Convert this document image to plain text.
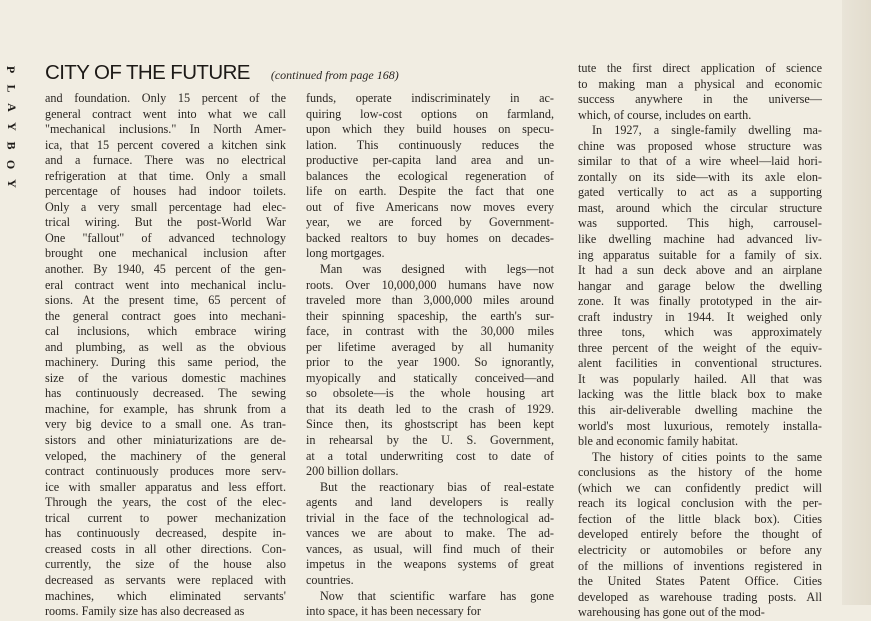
P
L
A
Y
B
O
Y
CITY OF THE FUTURE (continued from page 168)

and foundation. Only 15 percent of the
general contract went into what we call
"mechanical inclusions." In North Amer-
ica, that 15 percent covered a kitchen sink
and a furnace. There was no electrical
refrigeration at that time. Only a small
percentage of houses had indoor toilets.
Only a very small percentage had elec-
trical wiring. But the post-World War
One "fallout" of advanced technology
brought one mechanical inclusion after
another. By 1940, 45 percent of the gen-
eral contract went into mechanical inclu-
sions. At the present time, 65 percent of
the general contract goes into mechani-
cal inclusions, which embrace wiring
and plumbing, as well as the obvious
machinery. During this same period, the
size of the various domestic machines
has continuously decreased. The sewing
machine, for example, has shrunk from a
very big device to a small one. As tran-
sistors and other miniaturizations are de-
veloped, the machinery of the general
contract continuously produces more serv-
ice with smaller apparatus and less effort.
Through the years, the cost of the elec-
trical current to power mechanization
has continuously decreased, despite in-
creased costs in all other directions. Con-
currently, the size of the house also
decreased as servants were replaced with
machines, which eliminated servants'
rooms. Family size has also decreased as

funds, operate indiscriminately in ac-
quiring low-cost options on farmland,
upon which they build houses on specu-
lation. This continuously reduces the
productive per-capita land area and un-
balances the ecological regeneration of
life on earth. Despite the fact that one
out of five Americans now moves every
year, we are forced by Government-
backed realtors to buy homes on decades-
long mortgages.

Man was designed with legs—not
roots. Over 10,000,000 humans have now
traveled more than 3,000,000 miles around
their spinning spaceship, the earth's sur-
face, in contrast with the 30,000 miles
per lifetime averaged by all humanity
prior to the year 1900. So ignorantly,
myopically and statically conceived—and
so obsolete—is the whole housing art
that its death led to the crash of 1929.
Since then, its ghostscript has been kept
in rehearsal by the U. S. Government,
at a total underwriting cost to date of
200 billion dollars.

But the reactionary bias of real-estate
agents and land developers is really
trivial in the face of the technological ad-
vances we are about to make. The ad-
vances, as usual, will find much of their
impetus in the weapons systems of great
countries.

Now that scientific warfare has gone
into space, it has been necessary for

tute the first direct application of science
to making man a physical and economic
success anywhere in the universe—
which, of course, includes on earth.

In 1927, a single-family dwelling ma-
chine was proposed whose structure was
similar to that of a wire wheel—laid hori-
zontally on its side—with its axle elon-
gated vertically to act as a supporting
mast, around which the circular structure
was supported. This high, carrousel-
like dwelling machine had advanced liv-
ing apparatus suitable for a family of six.
It had a sun deck above and an airplane
hangar and garage below the dwelling
zone. It was finally prototyped in the air-
craft industry in 1944. It weighed only
three tons, which was approximately
three percent of the weight of the equiv-
alent facilities in conventional structures.
It was popularly hailed. All that was
lacking was the little black box to make
this air-deliverable dwelling machine the
world's most luxurious, remotely installa-
ble and economic family habitat.

The history of cities points to the same
conclusions as the history of the home
(which we can confidently predict will
reach its logical conclusion with the per-
fection of the little black box). Cities
developed entirely before the thought of
electricity or automobiles or before any
of the millions of inventions registered in
the United States Patent Office. Cities
developed as warehouse trading posts. All
warehousing has gone out of the mod-
